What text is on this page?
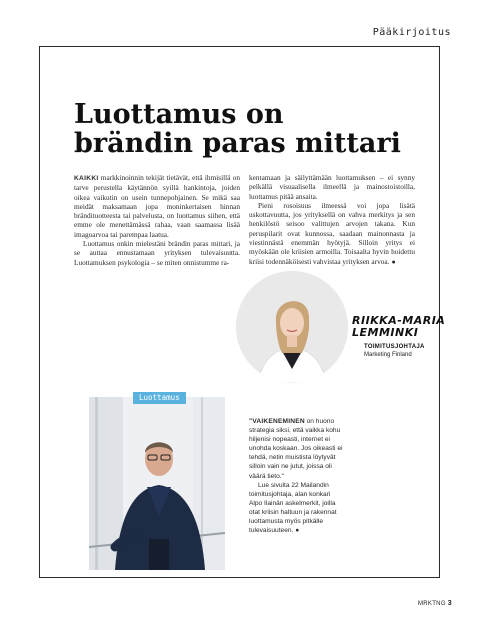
Pääkirjoitus
Luottamus on
brändin paras mittari

KAIKKI markkinoinnin tekijät tietävät, että ihmisillä on tarve perustella käytännön syillä hankintoja, joiden oikea vaikutin on usein tunnepohjainen. Se mikä saa meidät maksamaan jopa moninkertaisen hinnan brändituotteesta tai palvelusta, on luottamus siihen, että emme ole menettämässä rahaa, vaan saamassa lisää imagoarvoa tai parempaa laatua.

Luottamus onkin mielestäni brändin paras mittari, ja se auttaa ennustamaan yrityksen tulevaisuutta. Luottamuksen psykologia – se miten onnistumme ra-

kentamaan ja säilyttämään luottamuksen – ei synny pelkällä visuaalisella ilmeellä ja mainostoistoilla, luottamus pitää ansaita.

Pieni rosoisuus ilmeessä voi jopa lisätä uskottavuutta, jos yrityksellä on vahva merkitys ja sen henkilöstö seisoo valittujen arvojen takana. Kun peruspilarit ovat kunnossa, saadaan mainonnasta ja viestinnästä enemmän hyötyjä. Silloin yritys ei myöskään ole kriisien armoilla. Toisaalta hyvin hoidettu kriisi todennäköisesti vahvistaa yrityksen arvoa. ●

RIIKKA-MARIA
LEMMINKI
TOIMITUSJOHTAJA
Marketing Finland
Luottamus

"VAIKENEMINEN on huono strategia siksi, että vaikka kohu hiljenisi nopeasti, internet ei unohda koskaan. Jos oikeasti ei tehdä, netin muistista löytyvät silloin vain ne jutut, joissa oli väärä tieto."

Lue sivulta 22 Mailandin toimitusjohtaja, alan konkari Alpo Ilainän askelmerkit, joilla otat kriisin haltuun ja rakennat luottamusta myös pitkälle tulevaisuuteen. ●

MRKTNG 3
